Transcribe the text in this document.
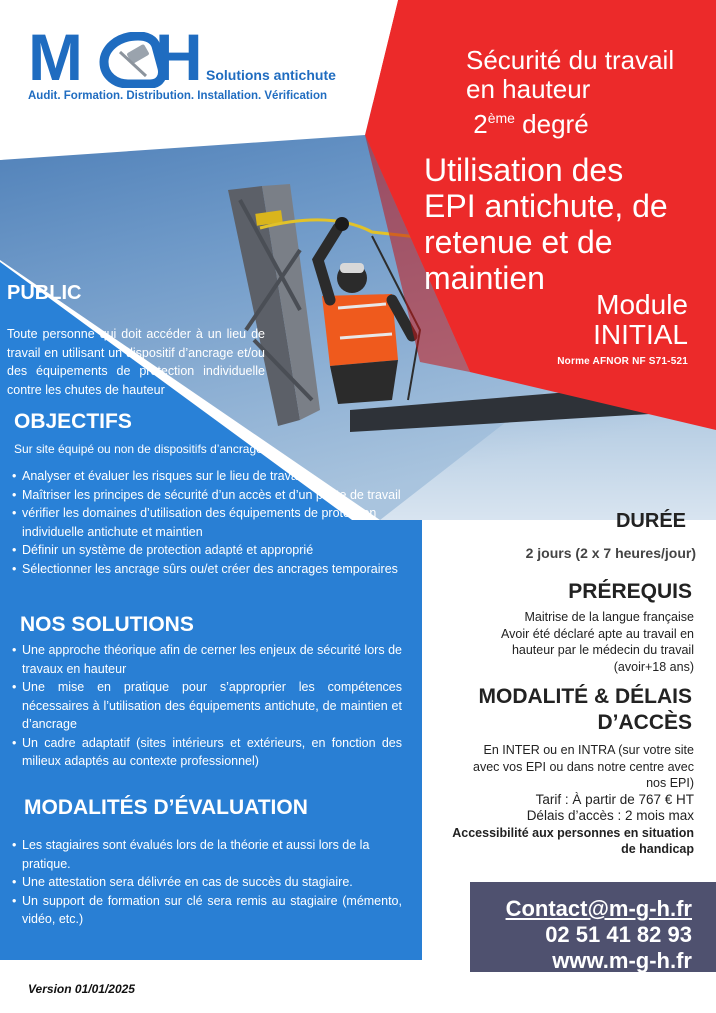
M H Solutions antichute
Audit. Formation. Distribution. Installation. Vérification
Sécurité du travail
en hauteur
2ème degré
Utilisation des
EPI antichute, de
retenue et de
maintien
Module
INITIAL
Norme AFNOR NF S71-521
PUBLIC
Toute personne qui doit accéder à un lieu de travail en utilisant un dispositif d’ancrage et/ou des équipements de protection individuelle contre les chutes de hauteur
OBJECTIFS
Sur site équipé ou non de dispositifs d’ancrage :
• Analyser et évaluer les risques sur le lieu de travail
• Maîtriser les principes de sécurité d’un accès et d’un poste de travail
• vérifier les domaines d’utilisation des équipements de protection individuelle antichute et maintien
• Définir un système de protection adapté et approprié
• Sélectionner les ancrage sûrs ou/et créer des ancrages temporaires
NOS SOLUTIONS
• Une approche théorique afin de cerner les enjeux de sécurité lors de travaux en hauteur
• Une mise en pratique pour s’approprier les compétences nécessaires à l’utilisation des équipements antichute, de maintien et d’ancrage
• Un cadre adaptatif (sites intérieurs et extérieurs, en fonction des milieux adaptés au contexte professionnel)
MODALITÉS D’ÉVALUATION
• Les stagiaires sont évalués lors de la théorie et aussi lors de la pratique.
• Une attestation sera délivrée en cas de succès du stagiaire.
• Un support de formation sur clé sera remis au stagiaire (mémento, vidéo, etc.)
DURÉE
2 jours (2 x 7 heures/jour)
PRÉREQUIS
Maitrise de la langue française
Avoir été déclaré apte au travail en
hauteur par le médecin du travail
(avoir+18 ans)
MODALITÉ & DÉLAIS
D’ACCÈS
En INTER ou en INTRA (sur votre site
avec vos EPI ou dans notre centre avec
nos EPI)
Tarif : À partir de 767 € HT
Délais d’accès : 2 mois max
Accessibilité aux personnes en situation
de handicap
Contact@m-g-h.fr
02 51 41 82 93
www.m-g-h.fr
Version 01/01/2025
